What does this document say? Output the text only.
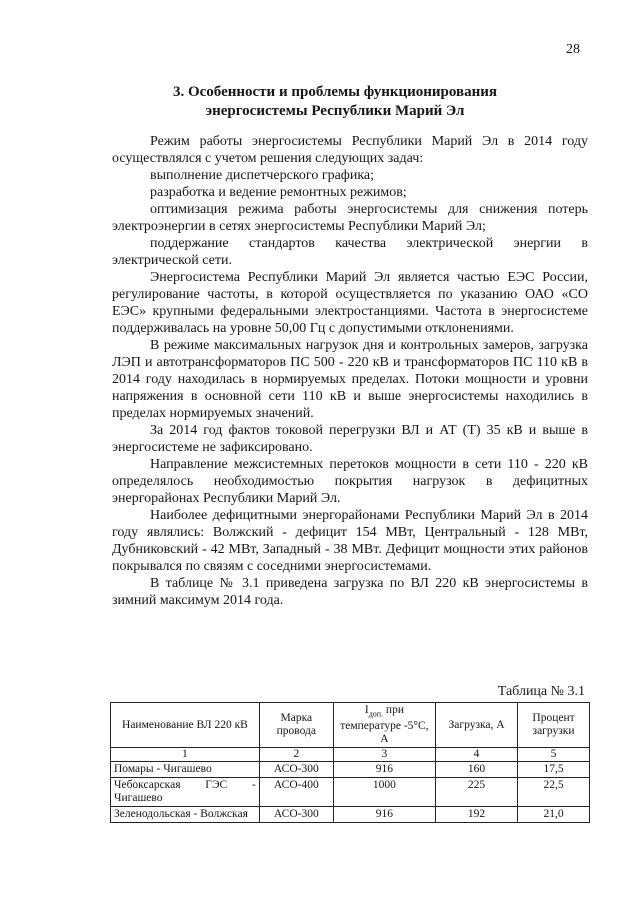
28
3. Особенности и проблемы функционирования
энергосистемы Республики Марий Эл

Режим работы энергосистемы Республики Марий Эл в 2014 году осуществлялся с учетом решения следующих задач:

выполнение диспетчерского графика;

разработка и ведение ремонтных режимов;

оптимизация режима работы энергосистемы для снижения потерь электроэнергии в сетях энергосистемы Республики Марий Эл;

поддержание стандартов качества электрической энергии в электрической сети.

Энергосистема Республики Марий Эл является частью ЕЭС России, регулирование частоты, в которой осуществляется по указанию ОАО «СО ЕЭС» крупными федеральными электростанциями. Частота в энергосистеме поддерживалась на уровне 50,00 Гц с допустимыми отклонениями.

В режиме максимальных нагрузок дня и контрольных замеров, загрузка ЛЭП и автотрансформаторов ПС 500 - 220 кВ и трансформаторов ПС 110 кВ в 2014 году находилась в нормируемых пределах. Потоки мощности и уровни напряжения в основной сети 110 кВ и выше энергосистемы находились в пределах нормируемых значений.

За 2014 год фактов токовой перегрузки ВЛ и АТ (Т) 35 кВ и выше в энергосистеме не зафиксировано.

Направление межсистемных перетоков мощности в сети 110 - 220 кВ определялось необходимостью покрытия нагрузок в дефицитных энергорайонах Республики Марий Эл.

Наиболее дефицитными энергорайонами Республики Марий Эл в 2014 году являлись: Волжский - дефицит 154 МВт, Центральный - 128 МВт, Дубниковский - 42 МВт, Западный - 38 МВт. Дефицит мощности этих районов покрывался по связям с соседними энергосистемами.

В таблице № 3.1 приведена загрузка по ВЛ 220 кВ энергосистемы в зимний максимум 2014 года.

Таблица № 3.1
Наименование ВЛ 220 кВ	Марка провода	$I_{доп.}$ при температуре -5°С, А	Загрузка, А	Процент загрузки
1	2	3	4	5
Помары - Чигашево	АСО-300	916	160	17,5
Чебоксарская ГЭС - Чигашево	АСО-400	1000	225	22,5
Зеленодольская - Волжская	АСО-300	916	192	21,0
